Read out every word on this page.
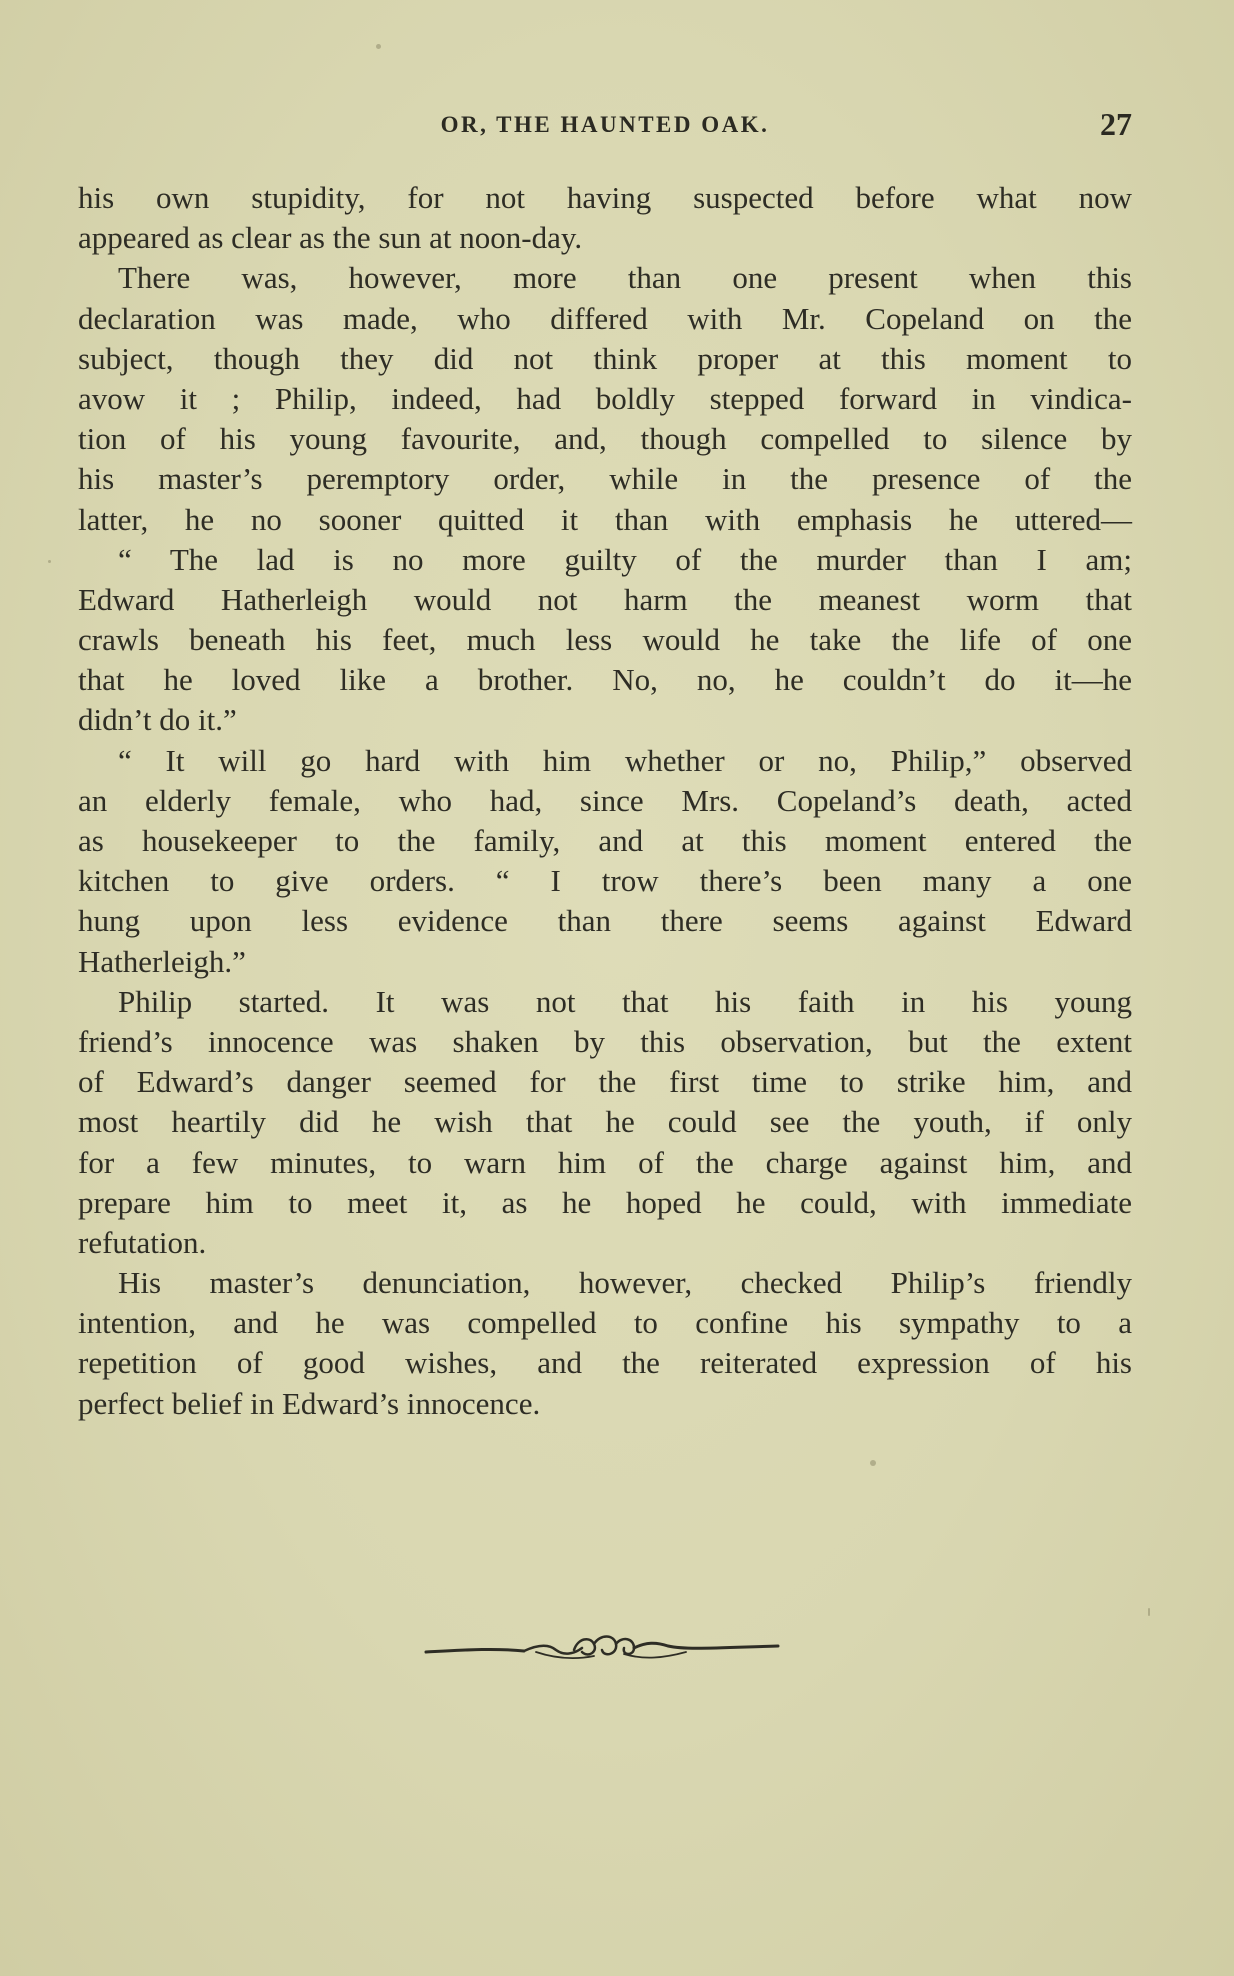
OR, THE HAUNTED OAK.	27
his own stupidity, for not having suspected before what now
appeared as clear as the sun at noon-day.
There was, however, more than one present when this
declaration was made, who differed with Mr. Copeland on the
subject, though they did not think proper at this moment to
avow it ; Philip, indeed, had boldly stepped forward in vindica-
tion of his young favourite, and, though compelled to silence by
his master’s peremptory order, while in the presence of the
latter, he no sooner quitted it than with emphasis he uttered—
“ The lad is no more guilty of the murder than I am;
Edward Hatherleigh would not harm the meanest worm that
crawls beneath his feet, much less would he take the life of one
that he loved like a brother. No, no, he couldn’t do it—he
didn’t do it.”
“ It will go hard with him whether or no, Philip,” observed
an elderly female, who had, since Mrs. Copeland’s death, acted
as housekeeper to the family, and at this moment entered the
kitchen to give orders. “ I trow there’s been many a one
hung upon less evidence than there seems against Edward
Hatherleigh.”
Philip started. It was not that his faith in his young
friend’s innocence was shaken by this observation, but the extent
of Edward’s danger seemed for the first time to strike him, and
most heartily did he wish that he could see the youth, if only
for a few minutes, to warn him of the charge against him, and
prepare him to meet it, as he hoped he could, with immediate
refutation.
His master’s denunciation, however, checked Philip’s friendly
intention, and he was compelled to confine his sympathy to a
repetition of good wishes, and the reiterated expression of his
perfect belief in Edward’s innocence.
